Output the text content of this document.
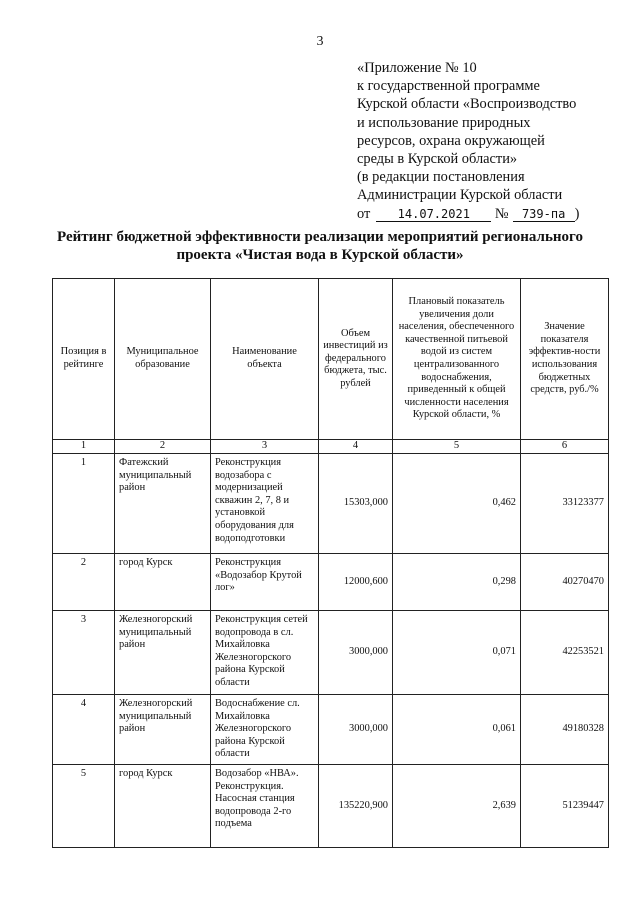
3
«Приложение № 10
к государственной программе
Курской области «Воспроизводство
и использование природных
ресурсов, охрана окружающей
среды в Курской области»
(в редакции постановления
Администрации Курской области
от 14.07.2021 № 739-па )
Рейтинг бюджетной эффективности реализации мероприятий регионального
проекта «Чистая вода в Курской области»
Позиция в рейтинге	Муниципальное образование	Наименование объекта	Объем инвестиций из федерального бюджета, тыс. рублей	Плановый показатель увеличения доли населения, обеспеченного качественной питьевой водой из систем централизованного водоснабжения, приведенный к общей численности населения Курской области, %	Значение показателя эффектив-ности использования бюджетных средств, руб./%
1	2	3	4	5	6
1	Фатежский муниципальный район	Реконструкция водозабора с модернизацией скважин 2, 7, 8 и установкой оборудования для водоподготовки	15303,000	0,462	33123377
2	город Курск	Реконструкция «Водозабор Крутой лог»	12000,600	0,298	40270470
3	Железногорский муниципальный район	Реконструкция сетей водопровода в сл. Михайловка Железногорского района Курской области	3000,000	0,071	42253521
4	Железногорский муниципальный район	Водоснабжение сл. Михайловка Железногорского района Курской области	3000,000	0,061	49180328
5	город Курск	Водозабор «НВА». Реконструкция. Насосная станция водопровода 2-го подъема	135220,900	2,639	51239447
